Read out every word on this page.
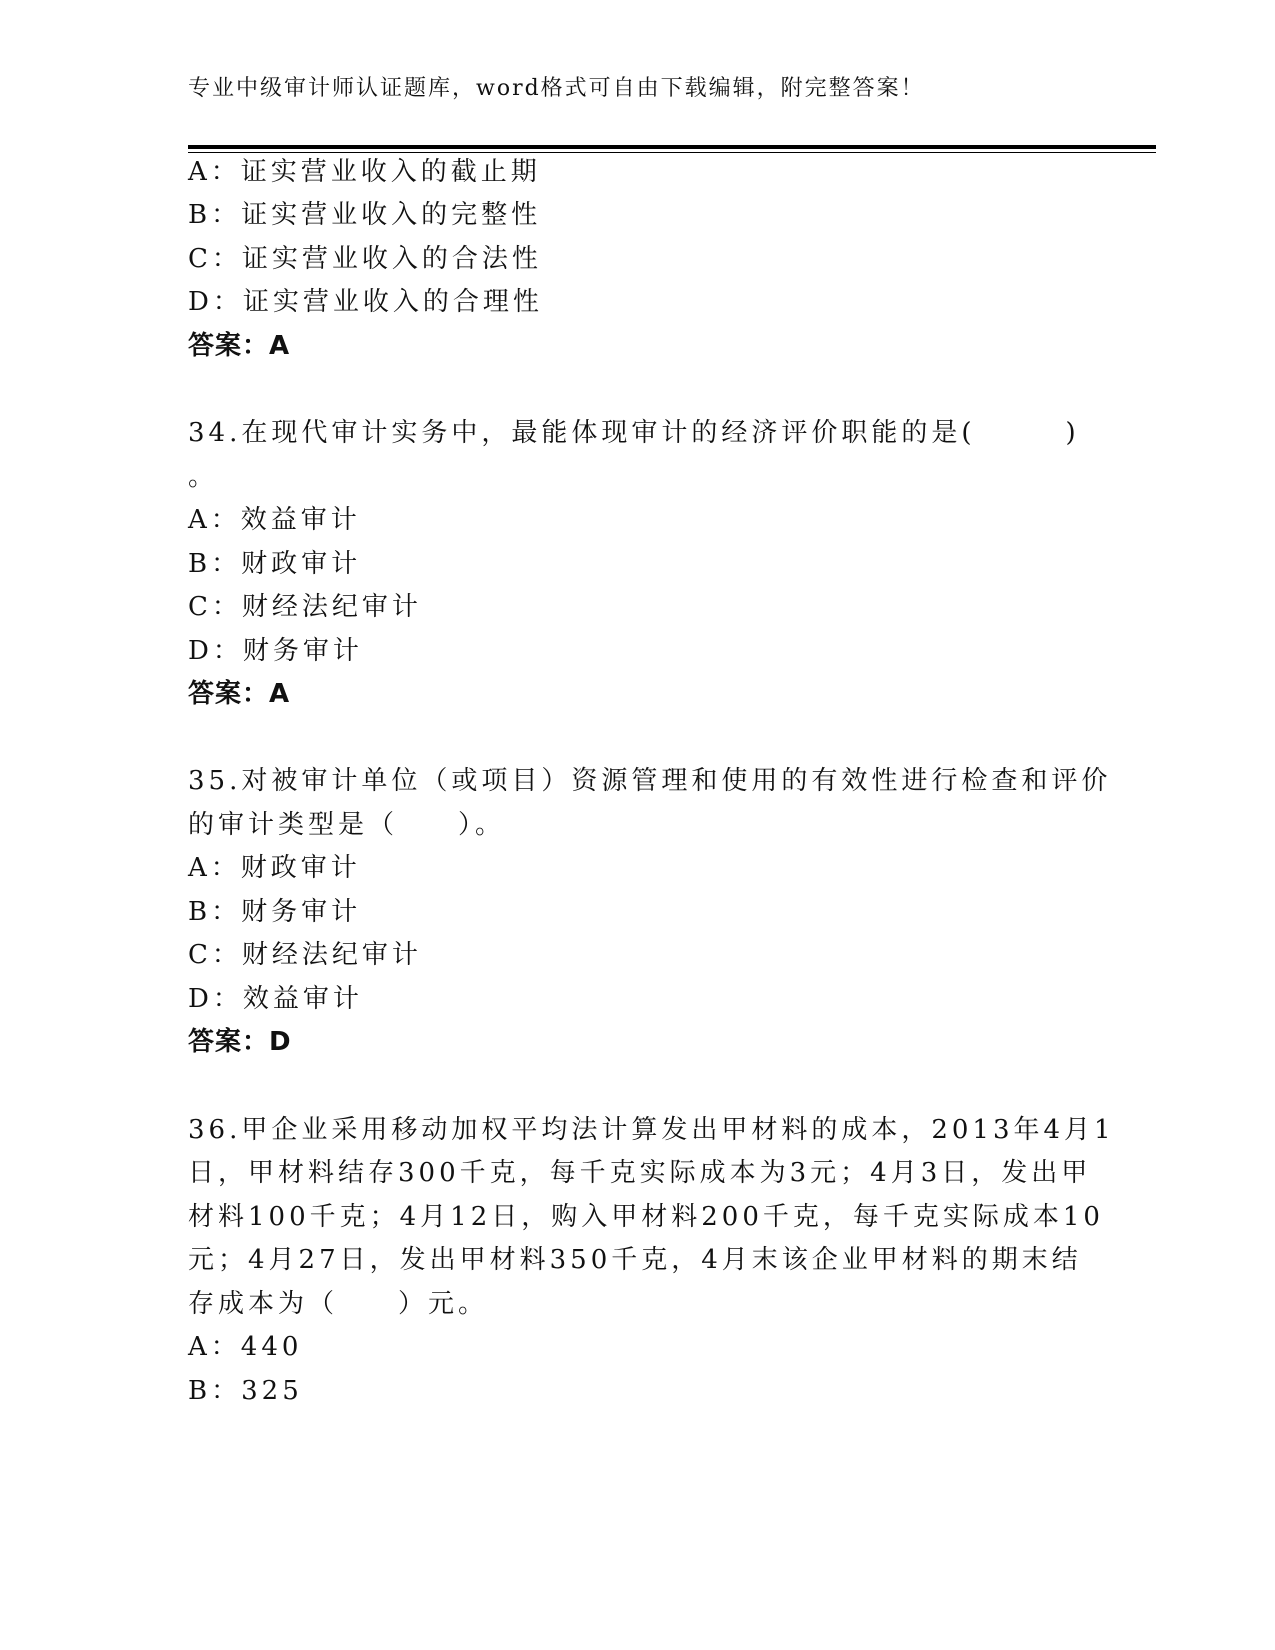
专业中级审计师认证题库，word格式可自由下载编辑，附完整答案！
A：证实营业收入的截止期
B：证实营业收入的完整性
C：证实营业收入的合法性
D：证实营业收入的合理性
答案：A
34.在现代审计实务中，最能体现审计的经济评价职能的是(　　　)
。
A：效益审计
B：财政审计
C：财经法纪审计
D：财务审计
答案：A
35.对被审计单位（或项目）资源管理和使用的有效性进行检查和评价
的审计类型是（　　）。
A：财政审计
B：财务审计
C：财经法纪审计
D：效益审计
答案：D
36.甲企业采用移动加权平均法计算发出甲材料的成本，2013年4月1
日，甲材料结存300千克，每千克实际成本为3元；4月3日，发出甲
材料100千克；4月12日，购入甲材料200千克，每千克实际成本10
元；4月27日，发出甲材料350千克，4月末该企业甲材料的期末结
存成本为（　　）元。
A：440
B：325
